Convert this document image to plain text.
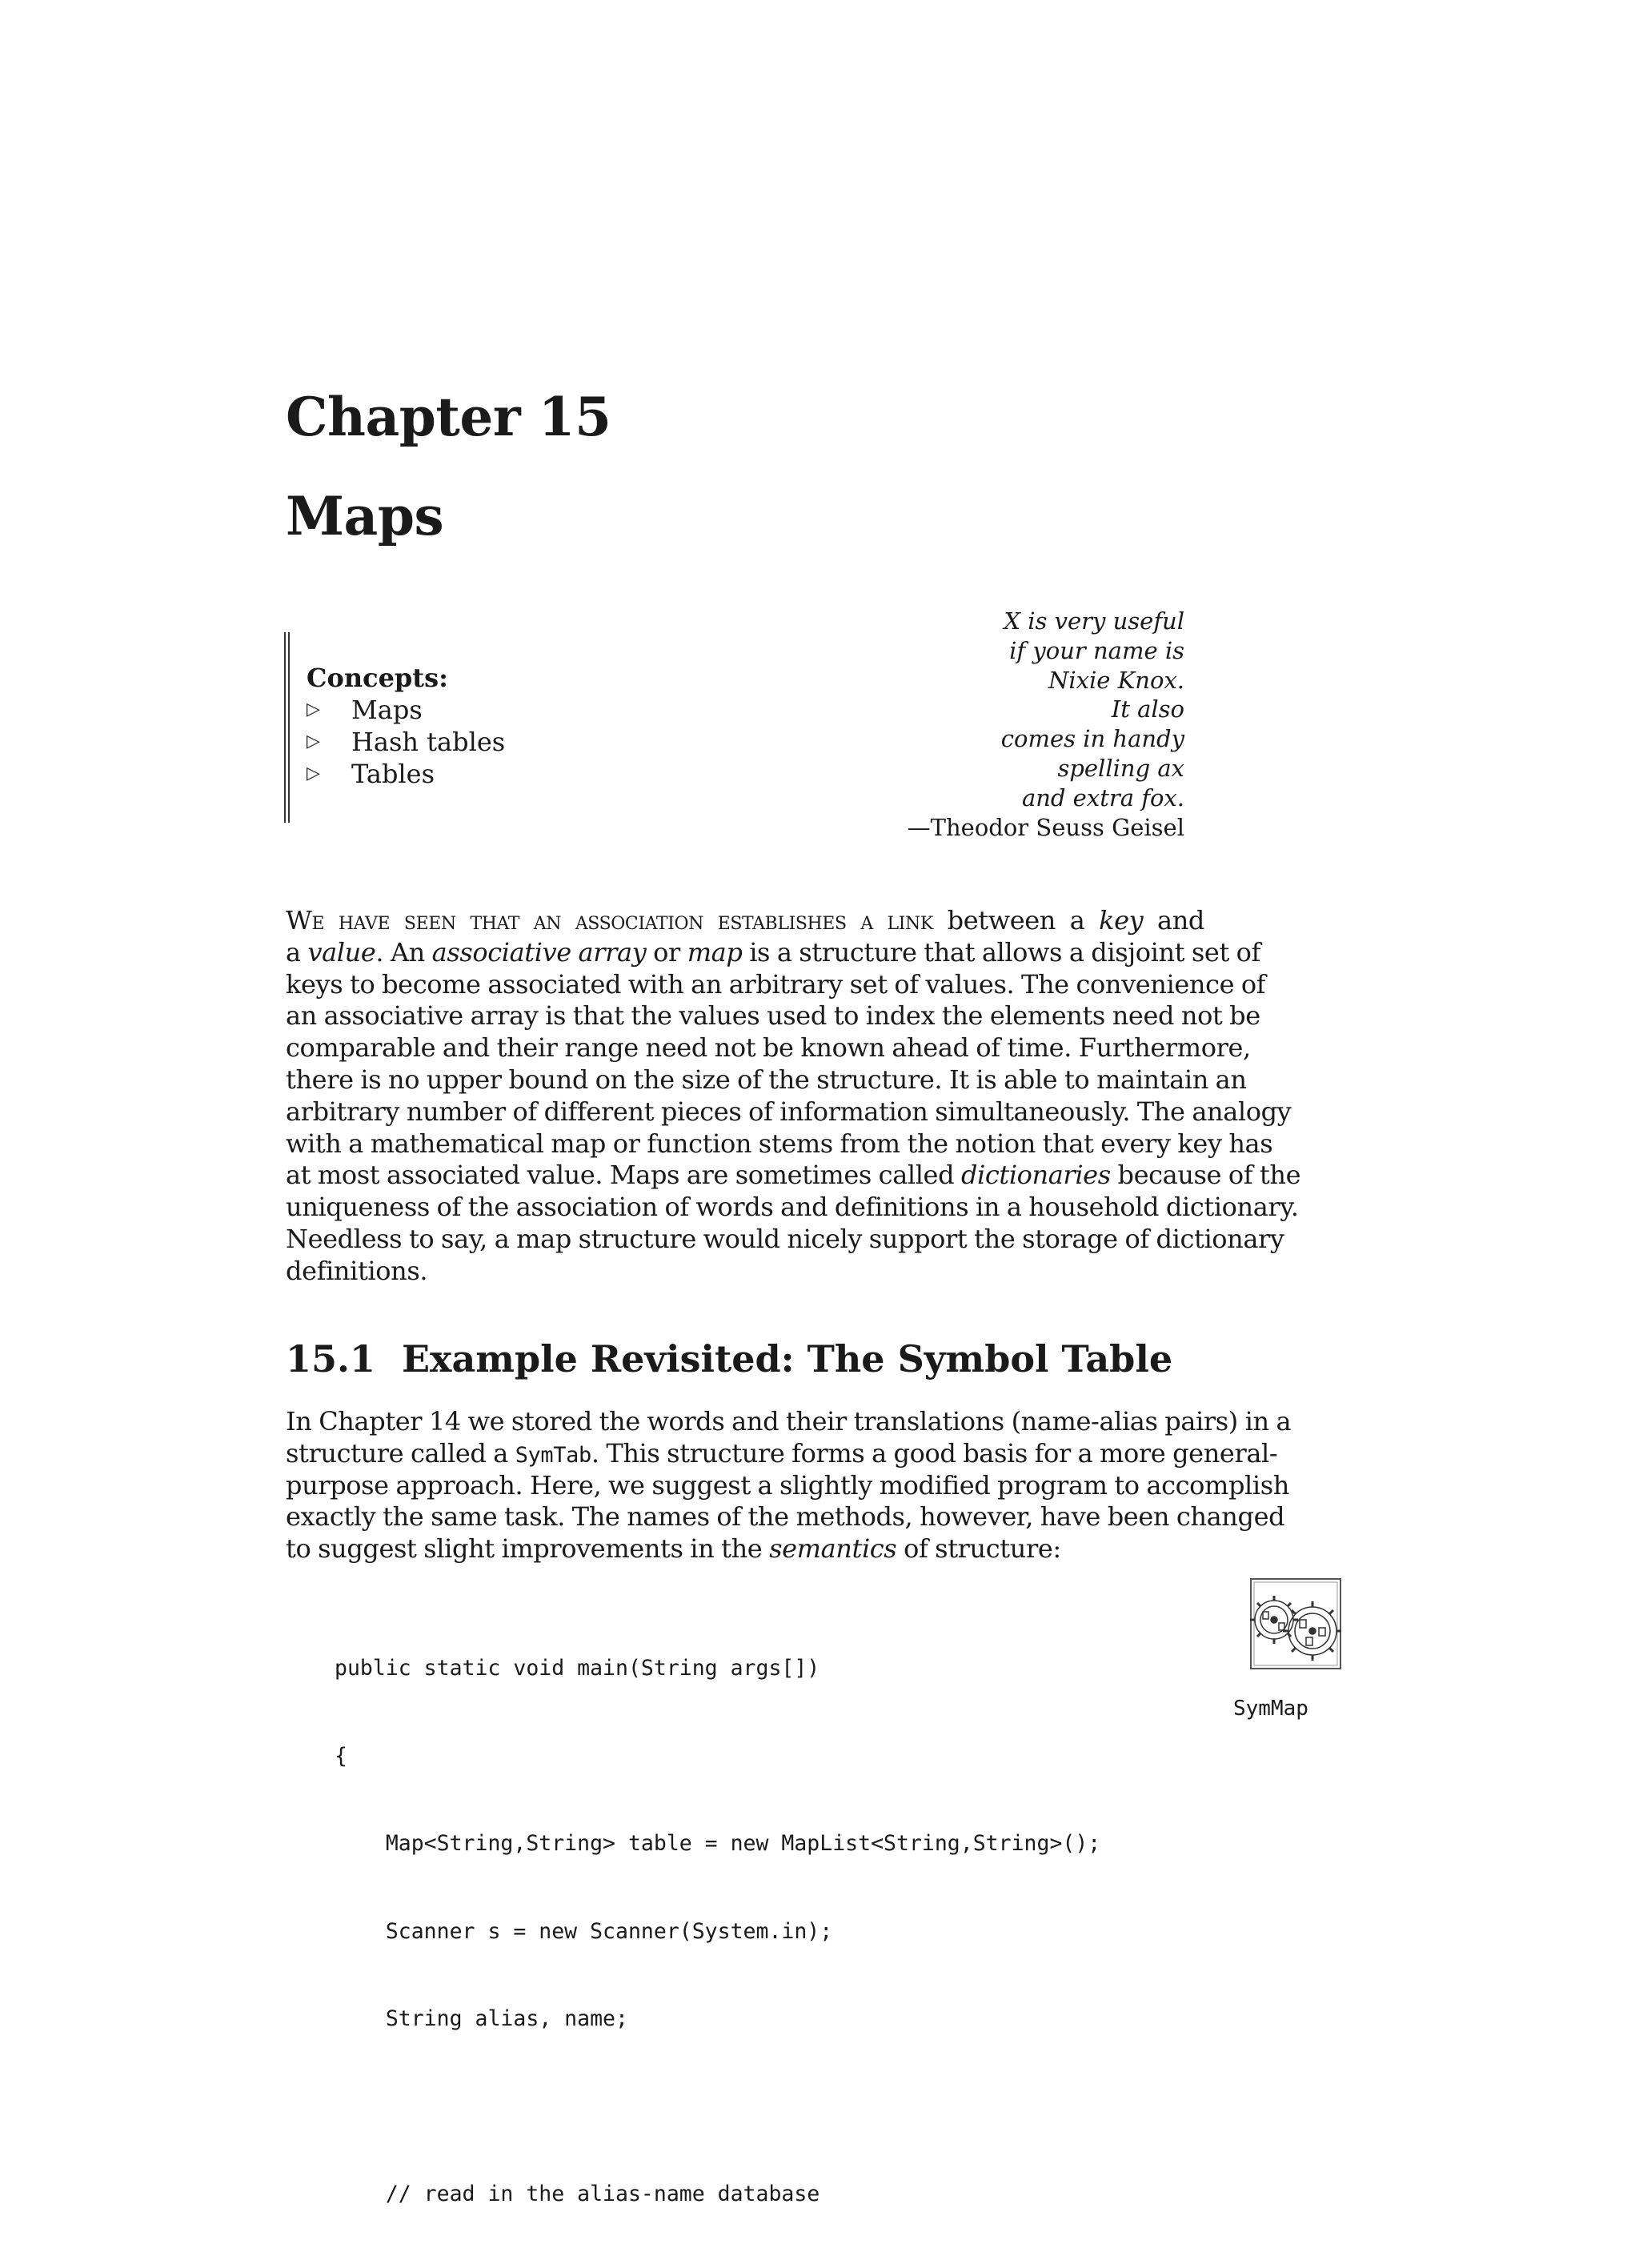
Chapter 15
Maps
Concepts:
▷	Maps
▷	Hash tables
▷	Tables
X is very useful
if your name is
Nixie Knox.
It also
comes in handy
spelling ax
and extra fox.
—Theodor Seuss Geisel
We have seen that an association establishes a link between a key and
a value. An associative array or map is a structure that allows a disjoint set of
keys to become associated with an arbitrary set of values. The convenience of
an associative array is that the values used to index the elements need not be
comparable and their range need not be known ahead of time. Furthermore,
there is no upper bound on the size of the structure. It is able to maintain an
arbitrary number of different pieces of information simultaneously. The analogy
with a mathematical map or function stems from the notion that every key has
at most associated value. Maps are sometimes called dictionaries because of the
uniqueness of the association of words and definitions in a household dictionary.
Needless to say, a map structure would nicely support the storage of dictionary
definitions.
15.1 Example Revisited: The Symbol Table
In Chapter 14 we stored the words and their translations (name-alias pairs) in a
structure called a SymTab. This structure forms a good basis for a more general-
purpose approach. Here, we suggest a slightly modified program to accomplish
exactly the same task. The names of the methods, however, have been changed
to suggest slight improvements in the semantics of structure:

public static void main(String args[])

{

Map<String,String> table = new MapList<String,String>();

Scanner s = new Scanner(System.in);

String alias, name;

// read in the alias-name database

SymMap
